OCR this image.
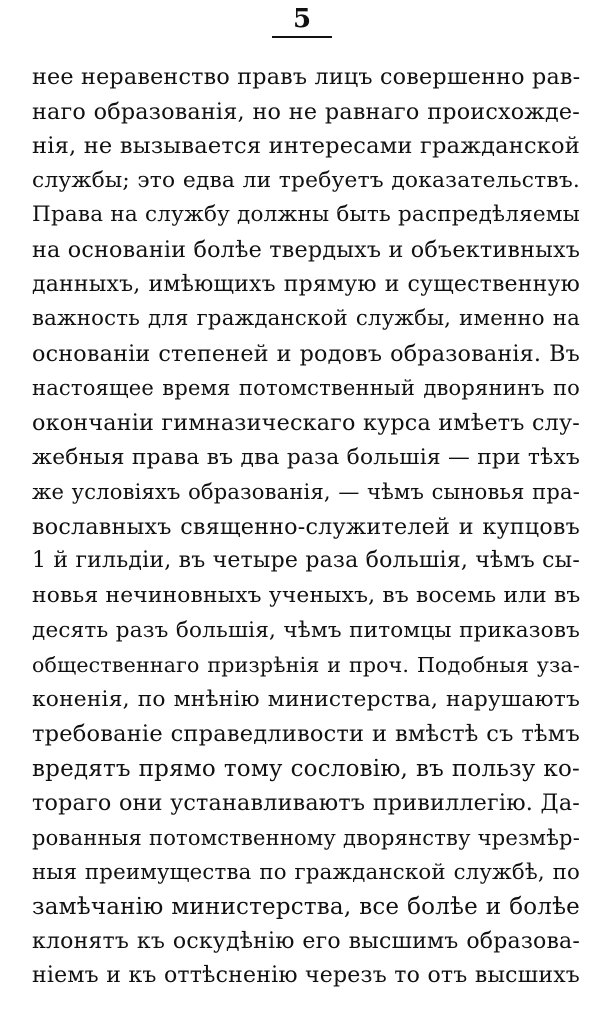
5
нее неравенство правъ лицъ совершенно рав-
наго образованія, но не равнаго происхожде-
нія, не вызывается интересами гражданской
службы; это едва ли требуетъ доказательствъ.
Права на службу должны быть распредѣляемы
на основаніи болѣе твердыхъ и объективныхъ
данныхъ, имѣющихъ прямую и существенную
важность для гражданской службы, именно на
основаніи степеней и родовъ образованія. Въ
настоящее время потомственный дворянинъ по
окончаніи гимназическаго курса имѣетъ слу-
жебныя права въ два раза большія — при тѣхъ
же условіяхъ образованія, — чѣмъ сыновья пра-
вославныхъ священно-служителей и купцовъ
1 й гильдіи, въ четыре раза большія, чѣмъ сы-
новья нечиновныхъ ученыхъ, въ восемь или въ
десять разъ большія, чѣмъ питомцы приказовъ
общественнаго призрѣнія и проч. Подобныя уза-
коненія, по мнѣнію министерства, нарушаютъ
требованіе справедливости и вмѣстѣ съ тѣмъ
вредятъ прямо тому сословію, въ пользу ко-
тораго они устанавливаютъ привиллегію. Да-
рованныя потомственному дворянству чрезмѣр-
ныя преимущества по гражданской службѣ, по
замѣчанію министерства, все болѣе и болѣе
клонятъ къ оскудѣнію его высшимъ образова-
ніемъ и къ оттѣсненію черезъ то отъ высшихъ
